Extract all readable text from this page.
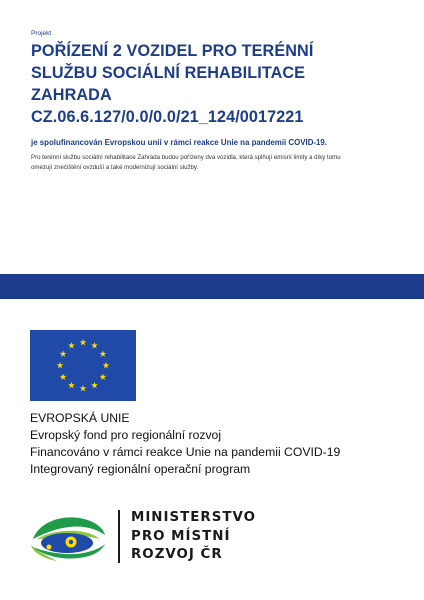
Projekt
POŘÍZENÍ 2 VOZIDEL PRO TERÉNNÍ
SLUŽBU SOCIÁLNÍ REHABILITACE
ZAHRADA
CZ.06.6.127/0.0/0.0/21_124/0017221
je spolufinancován Evropskou unií v rámci reakce Unie na pandemii COVID-19.
Pro terénní službu sociální rehabilitace Zahrada budou pořízeny dva vozidla, která splňují emisní limity a díky tomu
omezují znečištění ovzduší a také modernizují sociální služby.
EVROPSKÁ UNIE
Evropský fond pro regionální rozvoj
Financováno v rámci reakce Unie na pandemii COVID-19
Integrovaný regionální operační program
MINISTERSTVO
PRO MÍSTNÍ
ROZVOJ ČR
